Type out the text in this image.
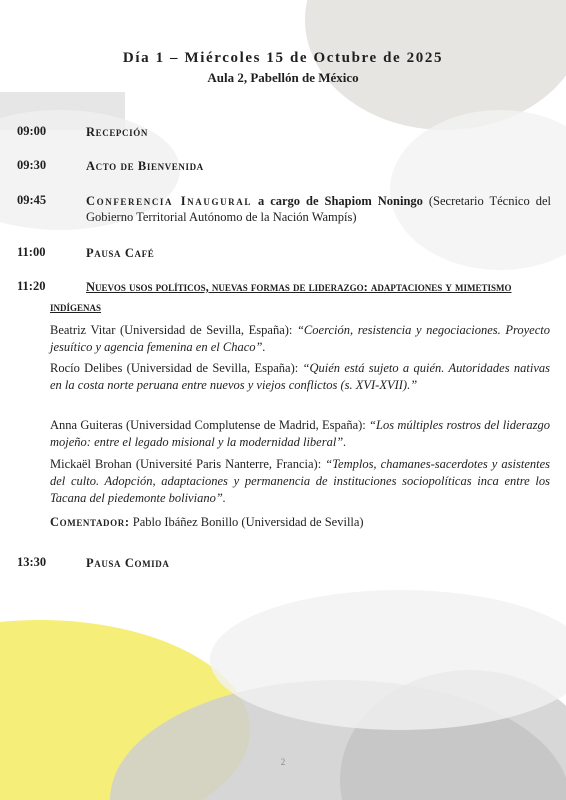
Día 1 – Miércoles 15 de Octubre de 2025
Aula 2, Pabellón de México
09:00	Recepción
09:30	Acto de Bienvenida
09:45	Conferencia Inaugural a cargo de Shapiom Noningo (Secretario Técnico del Gobierno Territorial Autónomo de la Nación Wampís)
11:00	Pausa Café
11:20	Nuevos usos políticos, nuevas formas de liderazgo: adaptaciones y mimetismo indígenas
Beatriz Vitar (Universidad de Sevilla, España): “Coerción, resistencia y negociaciones. Proyecto jesuítico y agencia femenina en el Chaco”.
Rocío Delibes (Universidad de Sevilla, España): “Quién está sujeto a quién. Autoridades nativas en la costa norte peruana entre nuevos y viejos conflictos (s. XVI-XVII).”
Anna Guiteras (Universidad Complutense de Madrid, España): “Los múltiples rostros del liderazgo mojeño: entre el legado misional y la modernidad liberal”.
Mickaël Brohan (Université Paris Nanterre, Francia): “Templos, chamanes-sacerdotes y asistentes del culto. Adopción, adaptaciones y permanencia de instituciones sociopolíticas inca entre los Tacana del piedemonte boliviano”.
Comentador: Pablo Ibáñez Bonillo (Universidad de Sevilla)
13:30	Pausa Comida
2
